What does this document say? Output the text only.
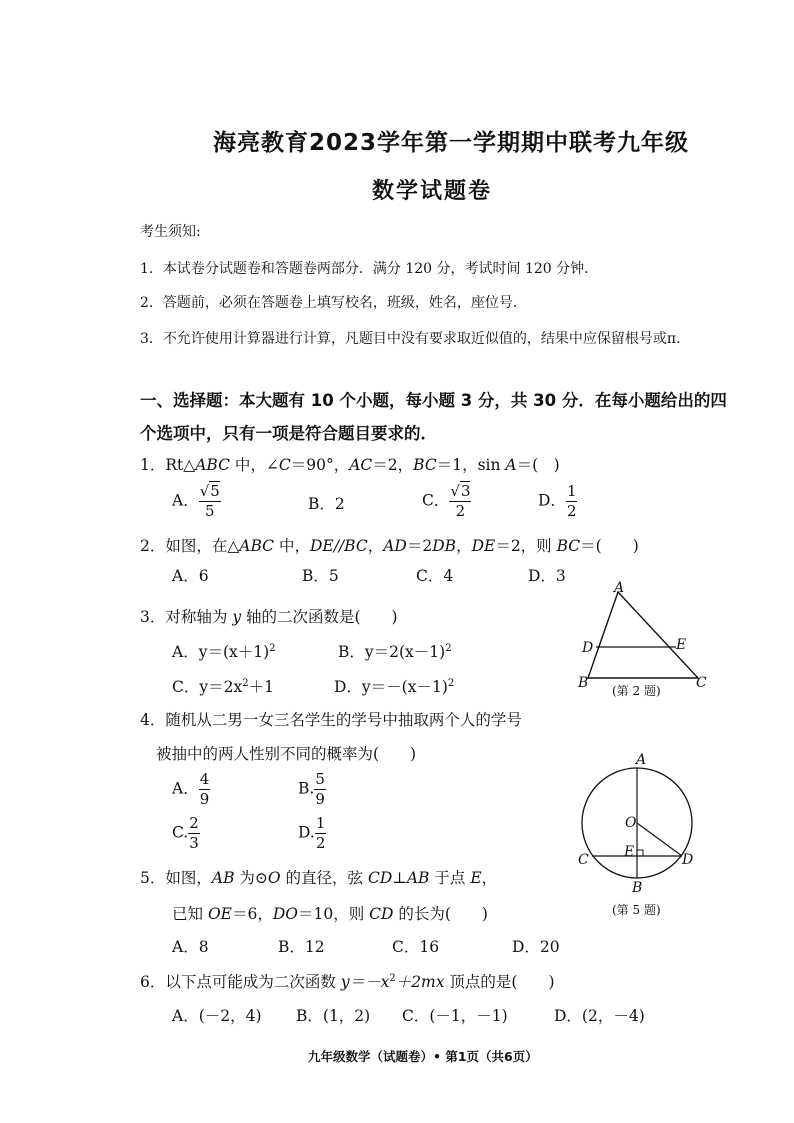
海亮教育2023学年第一学期期中联考九年级
数学试题卷
考生须知:
1．本试卷分试题卷和答题卷两部分．满分 120 分，考试时间 120 分钟．
2．答题前，必须在答题卷上填写校名，班级，姓名，座位号．
3．不允许使用计算器进行计算，凡题目中没有要求取近似值的，结果中应保留根号或π.
一、选择题：本大题有 10 个小题，每小题 3 分，共 30 分．在每小题给出的四
个选项中，只有一项是符合题目要求的．
1．Rt△ABC 中，∠C＝90°，AC＝2，BC＝1，sin A＝(　)
A． $\frac{√5}{5}$	B．2	C． $\frac{√3}{2}$	D． $\frac{1}{2}$
2．如图，在△ABC 中，DE//BC，AD＝2DB，DE＝2，则 BC＝(　　)
A．6	B．5	C．4	D．3
3．对称轴为 y 轴的二次函数是(　　)
A．$y=(x+1)^2$	B．$y=2(x-1)^2$
C．$y=2x^2+1$	D．$y=-(x-1)^2$
A
D	E
B	C
(第 2 题)
4．随机从二男一女三名学生的学号中抽取两个人的学号
被抽中的两人性别不同的概率为(　　)
A． $\frac{4}{9}$	B. $\frac{5}{9}$
C. $\frac{2}{3}$	D. $\frac{1}{2}$
A
O
E
C	D
B
(第 5 题)
5．如图，AB 为⊙O 的直径，弦 CD⊥AB 于点 E，
已知 OE＝6，DO＝10，则 CD 的长为(　　)
A．8	B．12	C．16	D．20
6．以下点可能成为二次函数 $y=-x^2+2mx$ 顶点的是(　　)
A．(－2，4) B．(1，2) C．(－1，－1)	D．(2，－4)
九年级数学（试题卷）• 第1页（共6页）
